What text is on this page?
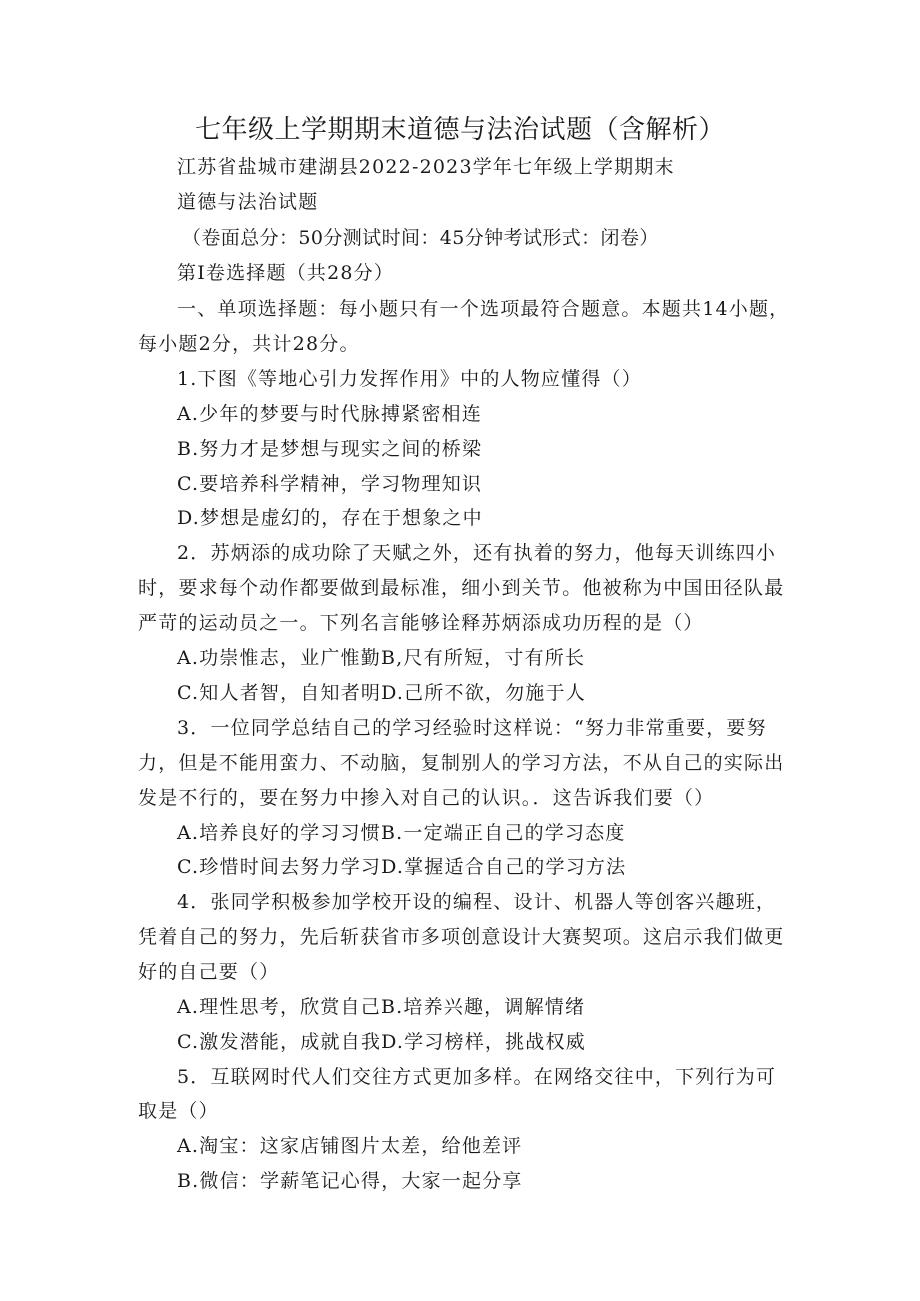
七年级上学期期末道德与法治试题（含解析）
江苏省盐城市建湖县2022-2023学年七年级上学期期末
道德与法治试题
（卷面总分：50分测试时间：45分钟考试形式：闭卷）
第Ⅰ卷选择题（共28分）
一、单项选择题：每小题只有一个选项最符合题意。本题共14小题，
每小题2分，共计28分。
1.下图《等地心引力发挥作用》中的人物应懂得（）
A.少年的梦要与时代脉搏紧密相连
B.努力才是梦想与现实之间的桥梁
C.要培养科学精神，学习物理知识
D.梦想是虚幻的，存在于想象之中
2．苏炳添的成功除了天赋之外，还有执着的努力，他每天训练四小
时，要求每个动作都要做到最标准，细小到关节。他被称为中国田径队最
严苛的运动员之一。下列名言能够诠释苏炳添成功历程的是（）
A.功崇惟志，业广惟勤B,尺有所短，寸有所长
C.知人者智，自知者明D.己所不欲，勿施于人
3．一位同学总结自己的学习经验时这样说：“努力非常重要，要努
力，但是不能用蛮力、不动脑，复制别人的学习方法，不从自己的实际出
发是不行的，要在努力中掺入对自己的认识。．这告诉我们要（）
A.培养良好的学习习惯B.一定端正自己的学习态度
C.珍惜时间去努力学习D.掌握适合自己的学习方法
4．张同学积极参加学校开设的编程、设计、机器人等创客兴趣班，
凭着自己的努力，先后斩获省市多项创意设计大赛契项。这启示我们做更
好的自己要（）
A.理性思考，欣赏自己B.培养兴趣，调解情绪
C.激发潜能，成就自我D.学习榜样，挑战权威
5．互联网时代人们交往方式更加多样。在网络交往中，下列行为可
取是（）
A.淘宝：这家店铺图片太差，给他差评
B.微信：学薪笔记心得，大家一起分享
